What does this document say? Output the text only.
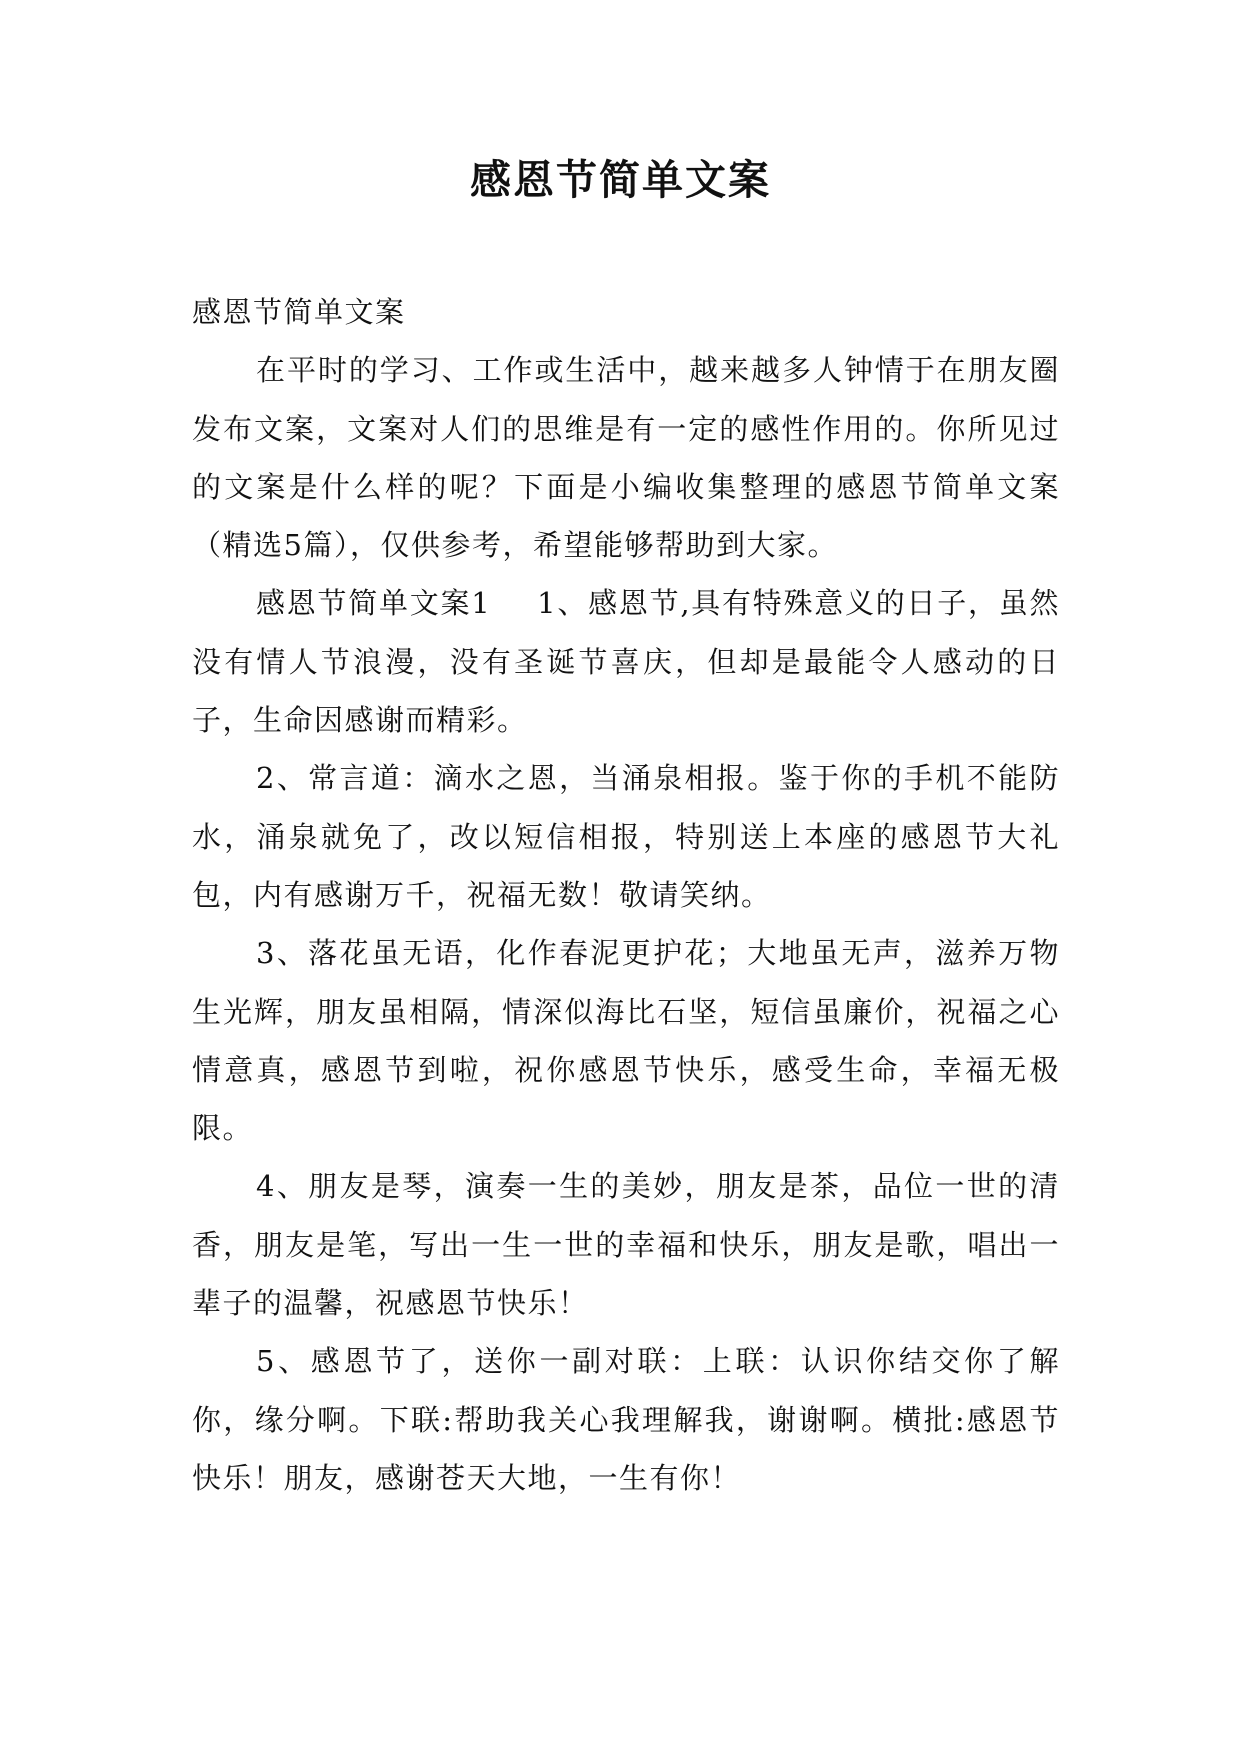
感恩节简单文案

感恩节简单文案

在平时的学习、工作或生活中，越来越多人钟情于在朋友圈发布文案，文案对人们的思维是有一定的感性作用的。你所见过的文案是什么样的呢？下面是小编收集整理的感恩节简单文案（精选5篇），仅供参考，希望能够帮助到大家。

感恩节简单文案1 1、感恩节,具有特殊意义的日子，虽然没有情人节浪漫，没有圣诞节喜庆，但却是最能令人感动的日子，生命因感谢而精彩。

2、常言道：滴水之恩，当涌泉相报。鉴于你的手机不能防水，涌泉就免了，改以短信相报，特别送上本座的感恩节大礼包，内有感谢万千，祝福无数！敬请笑纳。

3、落花虽无语，化作春泥更护花；大地虽无声，滋养万物生光辉，朋友虽相隔，情深似海比石坚，短信虽廉价，祝福之心情意真，感恩节到啦，祝你感恩节快乐，感受生命，幸福无极限。

4、朋友是琴，演奏一生的美妙，朋友是茶，品位一世的清香，朋友是笔，写出一生一世的幸福和快乐，朋友是歌，唱出一辈子的温馨，祝感恩节快乐！

5、感恩节了，送你一副对联：上联：认识你结交你了解你，缘分啊。下联:帮助我关心我理解我，谢谢啊。横批:感恩节快乐！朋友，感谢苍天大地，一生有你！
